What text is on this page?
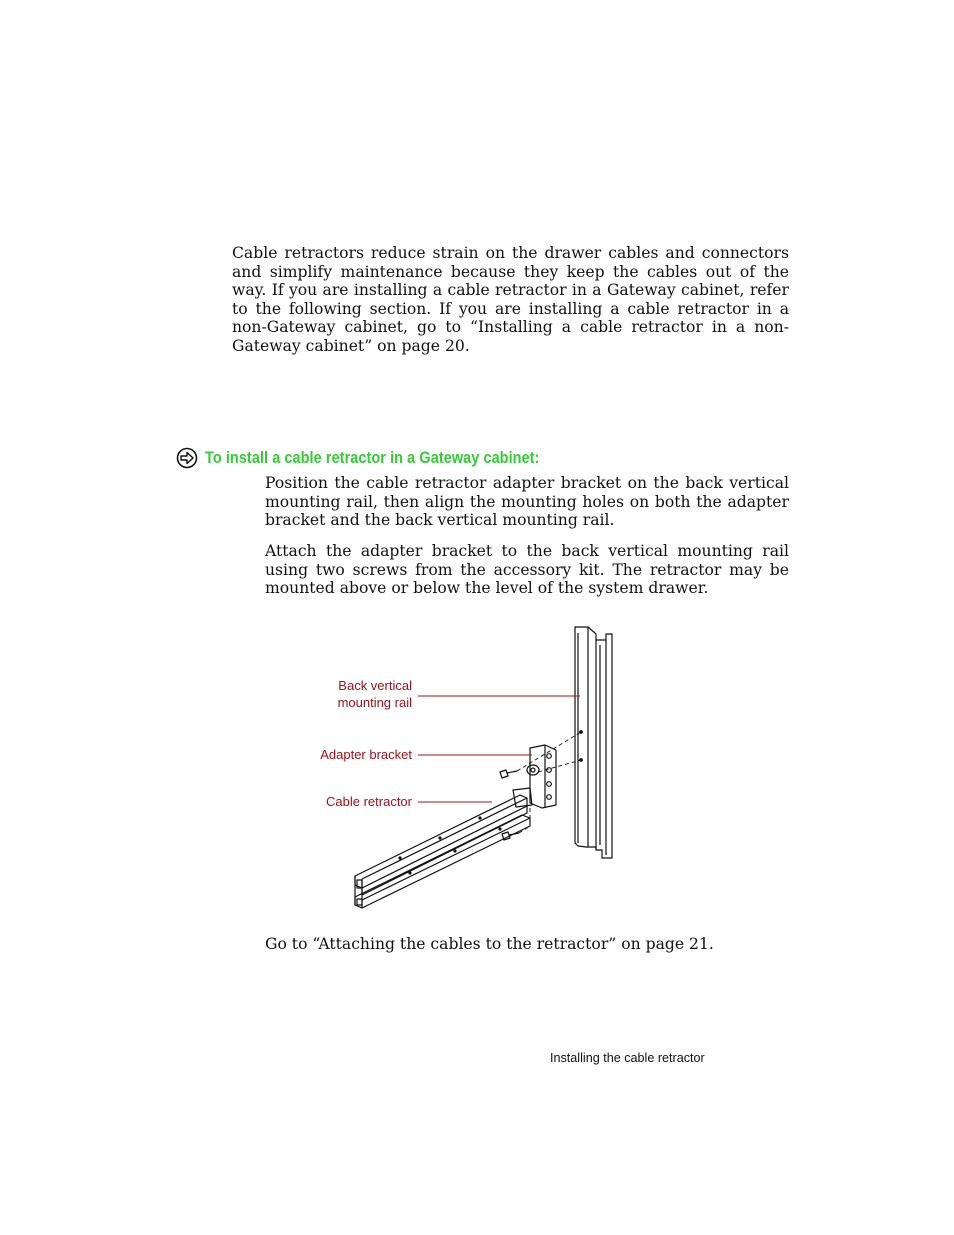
Cable retractors reduce strain on the drawer cables and connectors and simplify maintenance because they keep the cables out of the way. If you are installing a cable retractor in a Gateway cabinet, refer to the following section. If you are installing a cable retractor in a non-Gateway cabinet, go to “Installing a cable retractor in a non-Gateway cabinet” on page 20.

To install a cable retractor in a Gateway cabinet:

Position the cable retractor adapter bracket on the back vertical mounting rail, then align the mounting holes on both the adapter bracket and the back vertical mounting rail.

Attach the adapter bracket to the back vertical mounting rail using two screws from the accessory kit. The retractor may be mounted above or below the level of the system drawer.

Back vertical
mounting rail
Adapter bracket
Cable retractor

Go to “Attaching the cables to the retractor” on page 21.

Installing the cable retractor
